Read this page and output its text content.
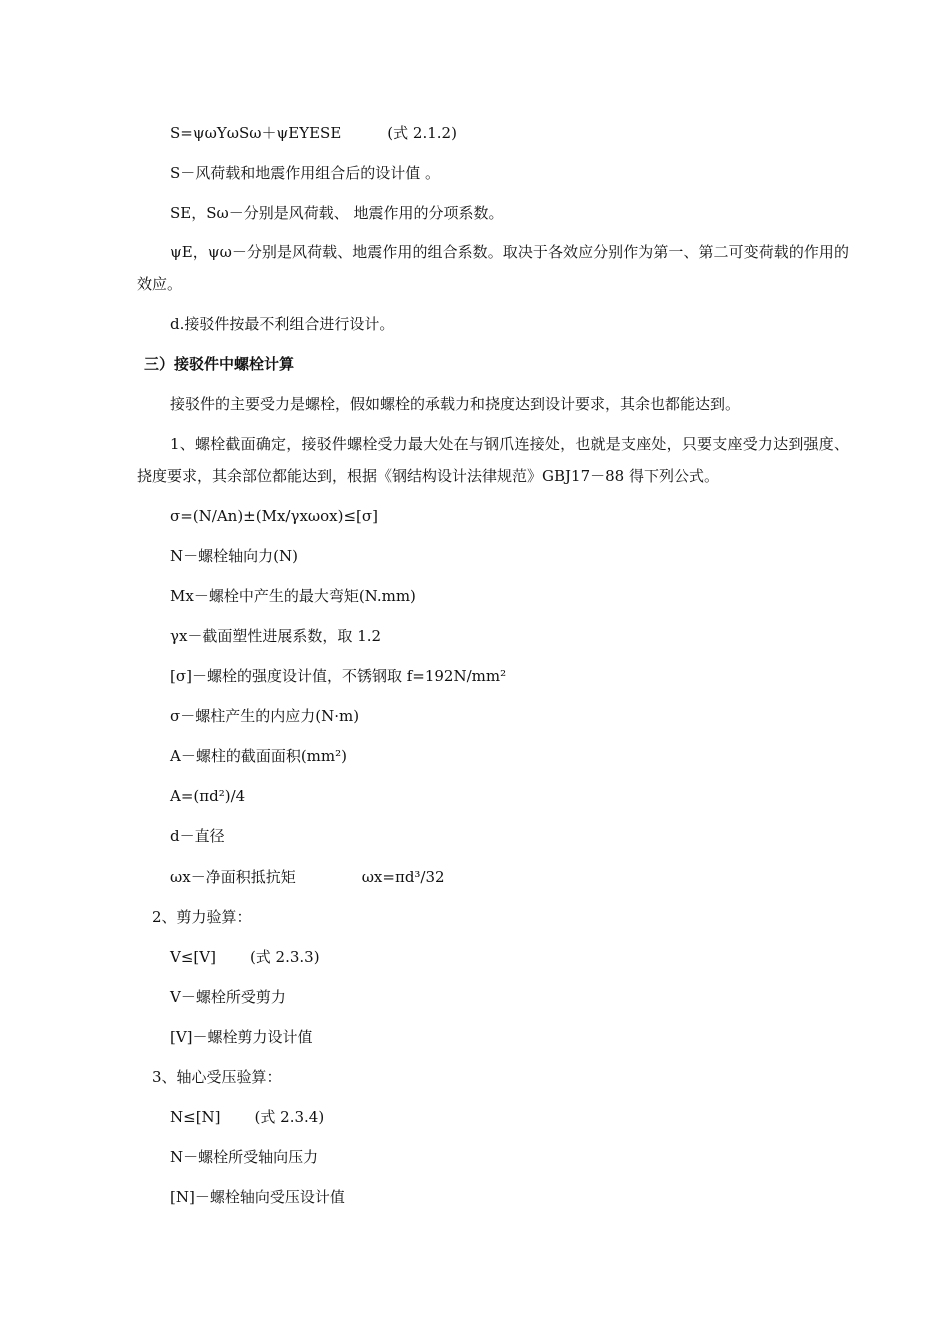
S=ψωYωSω＋ψEYESE	(式 2.1.2)
S－风荷载和地震作用组合后的设计值 。
SE，Sω－分别是风荷载、 地震作用的分项系数。
ψE，ψω－分别是风荷载、地震作用的组合系数。取决于各效应分别作为第一、第二可变荷载的作用的效应。
d.接驳件按最不利组合进行设计。
三）接驳件中螺栓计算
接驳件的主要受力是螺栓，假如螺栓的承载力和挠度达到设计要求，其余也都能达到。
1、螺栓截面确定，接驳件螺栓受力最大处在与钢爪连接处，也就是支座处，只要支座受力达到强度、挠度要求，其余部位都能达到，根据《钢结构设计法律规范》GBJ17－88 得下列公式。
σ=(N/An)±(Mx/γxωox)≤[σ]
N－螺栓轴向力(N)
Mx－螺栓中产生的最大弯矩(N.mm)
γx－截面塑性进展系数，取 1.2
[σ]－螺栓的强度设计值，不锈钢取 f=192N/mm²
σ－螺柱产生的内应力(N·m)
A－螺柱的截面面积(mm²)
A=(πd²)/4
d－直径
ωx－净面积抵抗矩	ωx=πd³/32
2、剪力验算：
V≤[V] (式 2.3.3)
V－螺栓所受剪力
[V]－螺栓剪力设计值
3、轴心受压验算：
N≤[N] (式 2.3.4)
N－螺栓所受轴向压力
[N]－螺栓轴向受压设计值
